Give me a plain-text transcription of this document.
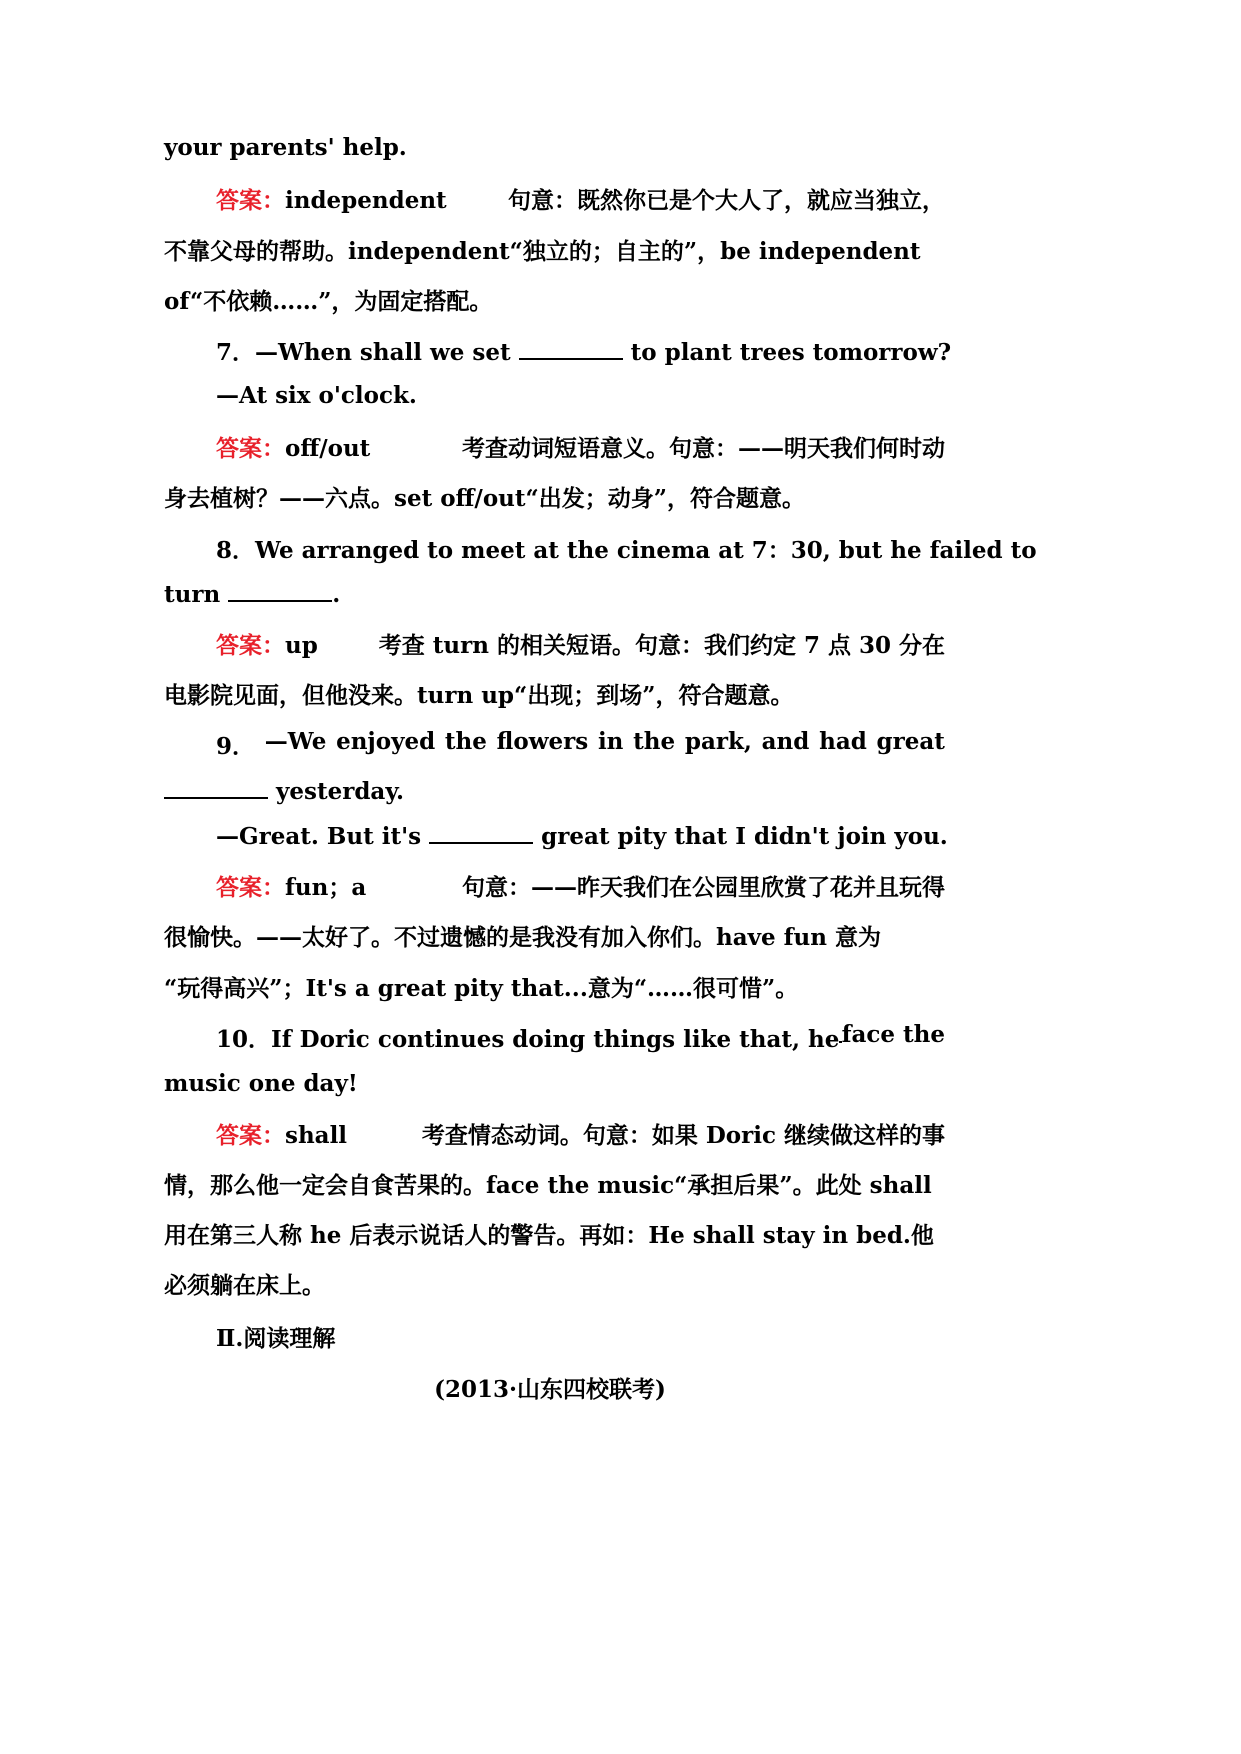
your parents' help.
答案：independent	句意：既然你已是个大人了，就应当独立，
不靠父母的帮助。independent“独立的；自主的”，be independent
of“不依赖……”，为固定搭配。
7．—When shall we set	to plant trees tomorrow?
—At six o'clock.
答案：off/out	考查动词短语意义。句意：——明天我们何时动
身去植树？——六点。set off/out“出发；动身”，符合题意。
8．We arranged to meet at the cinema at 7：30, but he failed to
turn	.
答案：up	考查 turn 的相关短语。句意：我们约定 7 点 30 分在
电影院见面，但他没来。turn up“出现；到场”，符合题意。
9． —We enjoyed the flowers in the park, and had great
yesterday.
—Great. But it's	great pity that I didn't join you.
答案：fun；a	句意：——昨天我们在公园里欣赏了花并且玩得
很愉快。——太好了。不过遗憾的是我没有加入你们。have fun 意为
“玩得高兴”；It's a great pity that...意为“……很可惜”。
10．If Doric continues doing things like that, he face the
music one day!
答案：shall	考查情态动词。句意：如果 Doric 继续做这样的事
情，那么他一定会自食苦果的。face the music“承担后果”。此处 shall
用在第三人称 he 后表示说话人的警告。再如：He shall stay in bed.他
必须躺在床上。
Ⅱ.阅读理解
(2013·山东四校联考)
